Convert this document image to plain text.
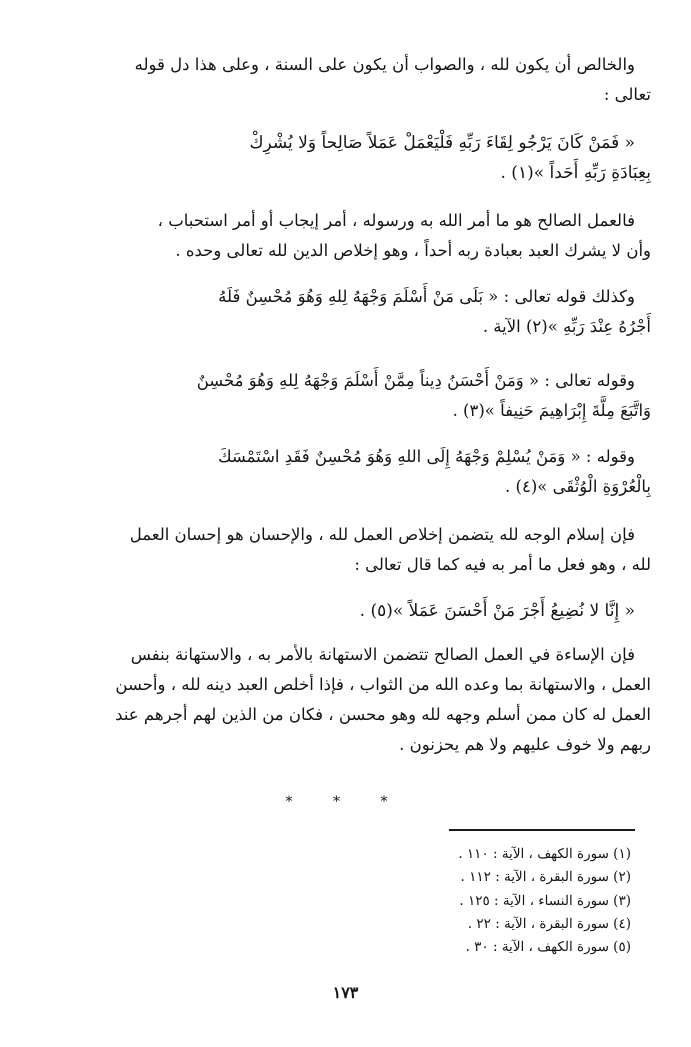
والخالص أن يكون لله ، والصواب أن يكون على السنة ، وعلى هذا دل قوله
تعالى :
« فَمَنْ كَانَ يَرْجُو لِقَاءَ رَبِّهِ فَلْيَعْمَلْ عَمَلاً صَالِحاً وَلا يُشْرِكْ
بِعِبَادَةِ رَبِّهِ أَحَداً »(١) .
فالعمل الصالح هو ما أمر الله به ورسوله ، أمر إيجاب أو أمر استحباب ،
وأن لا يشرك العبد بعبادة ربه أحداً ، وهو إخلاص الدين لله تعالى وحده .
وكذلك قوله تعالى : « بَلَى مَنْ أَسْلَمَ وَجْهَهُ لِلهِ وَهُوَ مُحْسِنٌ فَلَهُ
أَجْرُهُ عِنْدَ رَبِّهِ »(٢) الآية .
وقوله تعالى : « وَمَنْ أَحْسَنُ دِيناً مِمَّنْ أَسْلَمَ وَجْهَهُ لِلهِ وَهُوَ مُحْسِنٌ
وَاتَّبَعَ مِلَّةَ إِبْرَاهِيمَ حَنِيفاً »(٣) .
وقوله : « وَمَنْ يُسْلِمْ وَجْهَهُ إِلَى اللهِ وَهُوَ مُحْسِنٌ فَقَدِ اسْتَمْسَكَ
بِالْعُرْوَةِ الْوُثْقَى »(٤) .
فإن إسلام الوجه لله يتضمن إخلاص العمل لله ، والإحسان هو إحسان العمل
لله ، وهو فعل ما أمر به فيه كما قال تعالى :
« إِنَّا لا نُضِيعُ أَجْرَ مَنْ أَحْسَنَ عَمَلاً »(٥) .
فإن الإساءة في العمل الصالح تتضمن الاستهانة بالأمر به ، والاستهانة بنفس
العمل ، والاستهانة بما وعده الله من الثواب ، فإذا أخلص العبد دينه لله ، وأحسن
العمل له كان ممن أسلم وجهه لله وهو محسن ، فكان من الذين لهم أجرهم عند
ربهم ولا خوف عليهم ولا هم يحزنون .
* * *
(١) سورة الكهف ، الآية : ١١٠ .
(٢) سورة البقرة ، الآية : ١١٢ .
(٣) سورة النساء ، الآية : ١٢٥ .
(٤) سورة البقرة ، الآية : ٢٢ .
(٥) سورة الكهف ، الآية : ٣٠ .
١٧٣
